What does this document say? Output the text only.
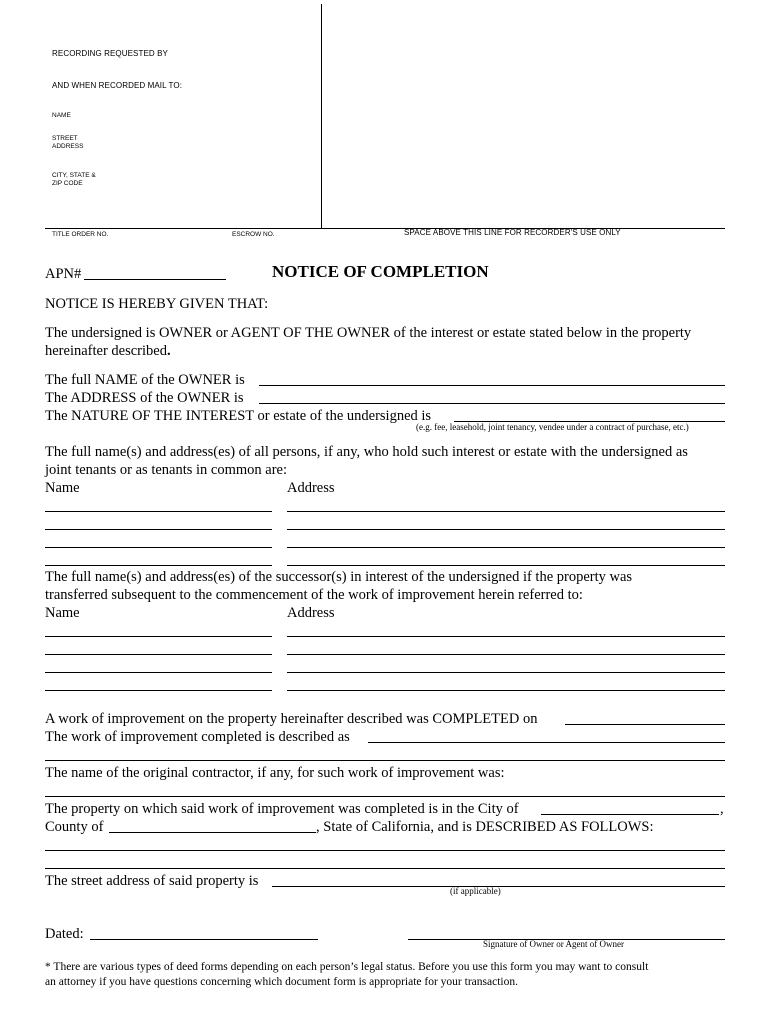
RECORDING REQUESTED BY
AND WHEN RECORDED MAIL TO:
NAME
STREET
ADDRESS
CITY, STATE &
ZIP CODE
TITLE ORDER NO.	ESCROW NO.	SPACE ABOVE THIS LINE FOR RECORDER'S USE ONLY
APN#	NOTICE OF COMPLETION
NOTICE IS HEREBY GIVEN THAT:
The undersigned is OWNER or AGENT OF THE OWNER of the interest or estate stated below in the property
hereinafter described.
The full NAME of the OWNER is
The ADDRESS of the OWNER is
The NATURE OF THE INTEREST or estate of the undersigned is
(e.g. fee, leasehold, joint tenancy, vendee under a contract of purchase, etc.)
The full name(s) and address(es) of all persons, if any, who hold such interest or estate with the undersigned as
joint tenants or as tenants in common are:
Name	Address
The full name(s) and address(es) of the successor(s) in interest of the undersigned if the property was
transferred subsequent to the commencement of the work of improvement herein referred to:
Name	Address
A work of improvement on the property hereinafter described was COMPLETED on
The work of improvement completed is described as
The name of the original contractor, if any, for such work of improvement was:
The property on which said work of improvement was completed is in the City of	,
County of	, State of California, and is DESCRIBED AS FOLLOWS:
The street address of said property is
(if applicable)
Dated:
Signature of Owner or Agent of Owner
* There are various types of deed forms depending on each person’s legal status. Before you use this form you may want to consult
an attorney if you have questions concerning which document form is appropriate for your transaction.
